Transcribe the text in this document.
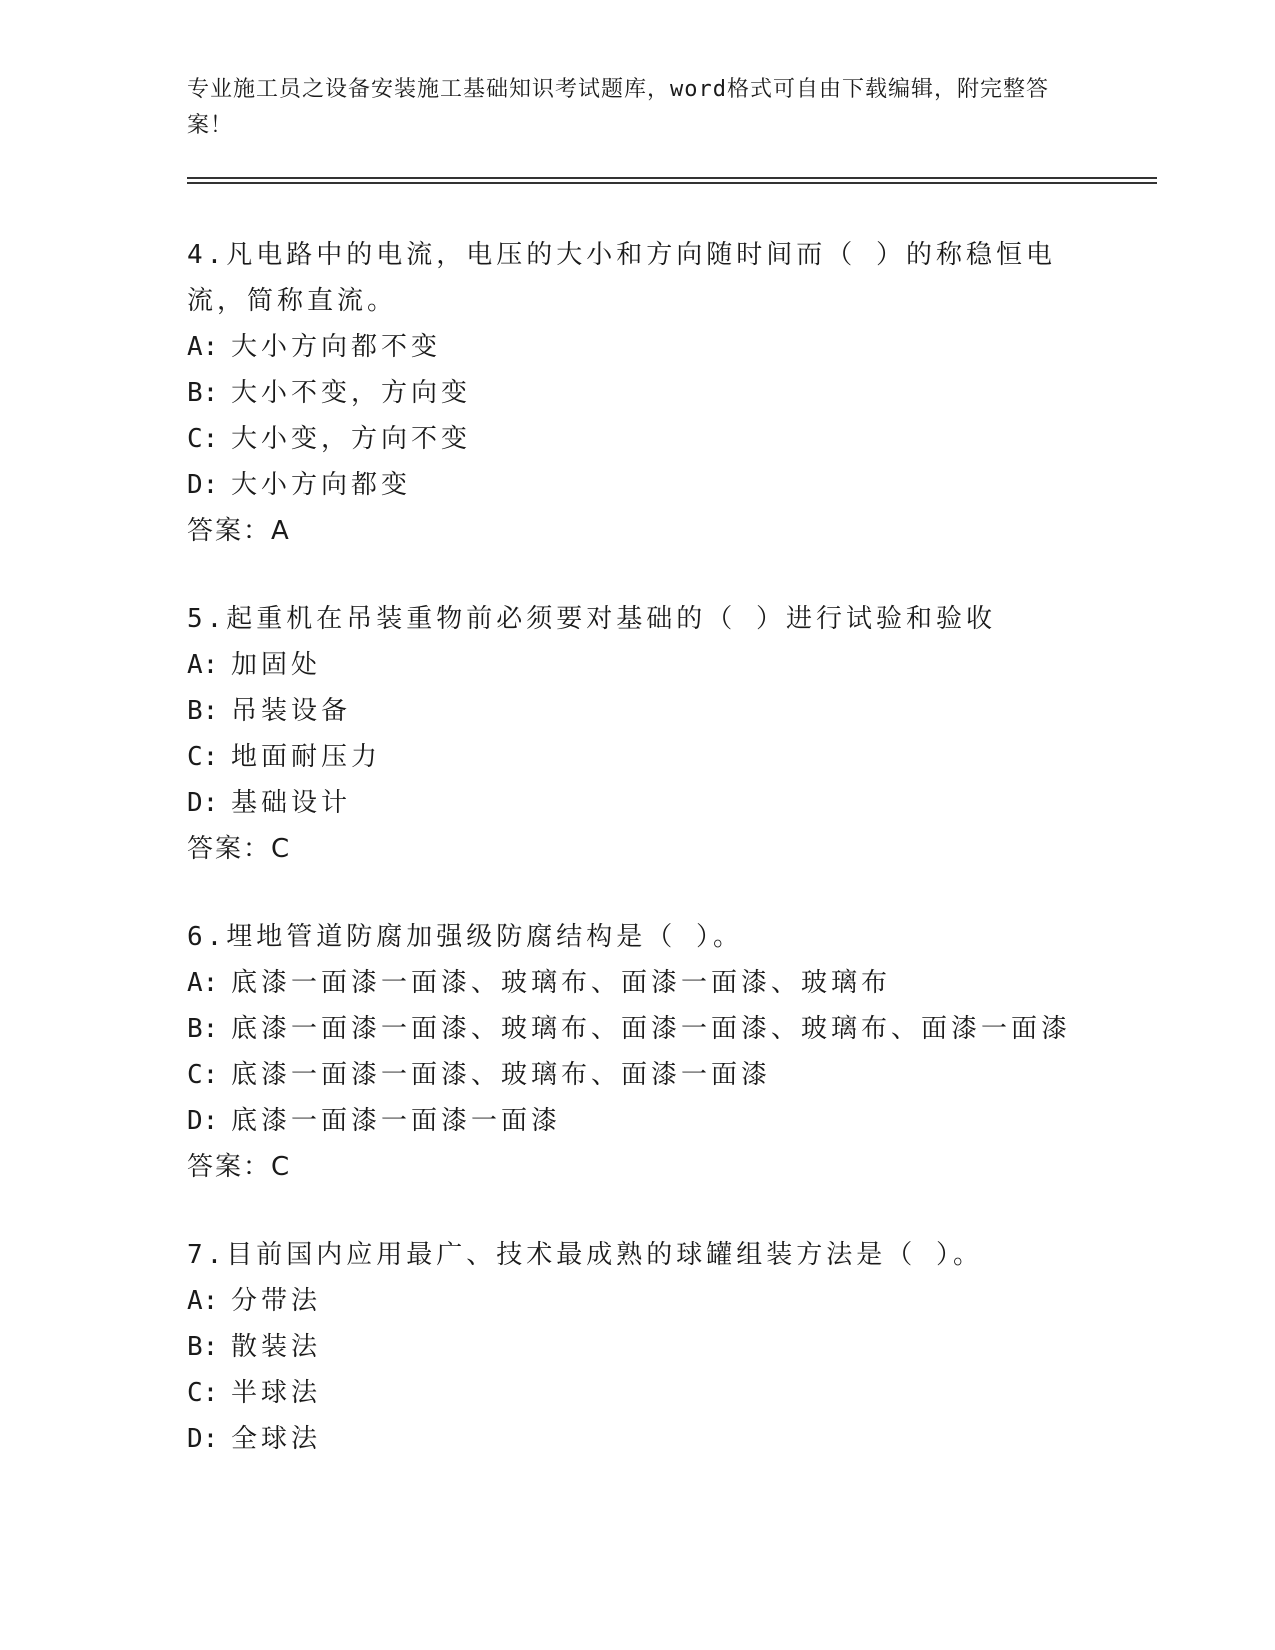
专业施工员之设备安装施工基础知识考试题库，word格式可自由下载编辑，附完整答案！
4.凡电路中的电流，电压的大小和方向随时间而（ ）的称稳恒电流，简称直流。
A: 大小方向都不变
B: 大小不变，方向变
C: 大小变，方向不变
D: 大小方向都变
答案：A
5.起重机在吊装重物前必须要对基础的（ ）进行试验和验收
A: 加固处
B: 吊装设备
C: 地面耐压力
D: 基础设计
答案：C
6.埋地管道防腐加强级防腐结构是（ ）。
A: 底漆一面漆一面漆、玻璃布、面漆一面漆、玻璃布
B: 底漆一面漆一面漆、玻璃布、面漆一面漆、玻璃布、面漆一面漆
C: 底漆一面漆一面漆、玻璃布、面漆一面漆
D: 底漆一面漆一面漆一面漆
答案：C
7.目前国内应用最广、技术最成熟的球罐组装方法是（ ）。
A: 分带法
B: 散装法
C: 半球法
D: 全球法
